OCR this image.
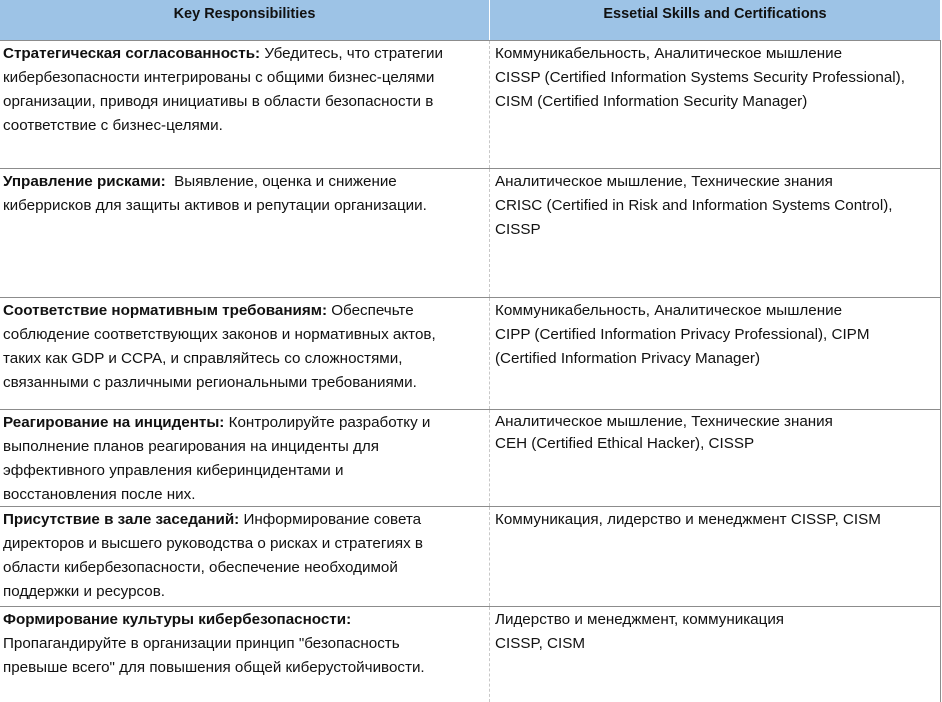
Key Responsibilities	Essetial Skills and Certifications
Стратегическая согласованность: Убедитесь, что стратегии
кибербезопасности интегрированы с общими бизнес-целями
организации, приводя инициативы в области безопасности в
соответствие с бизнес-целями.
Коммуникабельность, Аналитическое мышление
CISSP (Certified Information Systems Security Professional),
CISM (Certified Information Security Manager)
Управление рисками:  Выявление, оценка и снижение
киберрисков для защиты активов и репутации организации.
Аналитическое мышление, Технические знания
CRISC (Certified in Risk and Information Systems Control),
CISSP
Соответствие нормативным требованиям: Обеспечьте
соблюдение соответствующих законов и нормативных актов,
таких как GDP и CCPA, и справляйтесь со сложностями,
связанными с различными региональными требованиями.
Коммуникабельность, Аналитическое мышление
CIPP (Certified Information Privacy Professional), CIPM
(Certified Information Privacy Manager)
Реагирование на инциденты: Контролируйте разработку и
выполнение планов реагирования на инциденты для
эффективного управления киберинцидентами и
восстановления после них.
Аналитическое мышление, Технические знания
CEH (Certified Ethical Hacker), CISSP
Присутствие в зале заседаний: Информирование совета
директоров и высшего руководства о рисках и стратегиях в
области кибербезопасности, обеспечение необходимой
поддержки и ресурсов.
Коммуникация, лидерство и менеджмент CISSP, CISM
Формирование культуры кибербезопасности:
Пропагандируйте в организации принцип "безопасность
превыше всего" для повышения общей киберустойчивости.
Лидерство и менеджмент, коммуникация
CISSP, CISM
